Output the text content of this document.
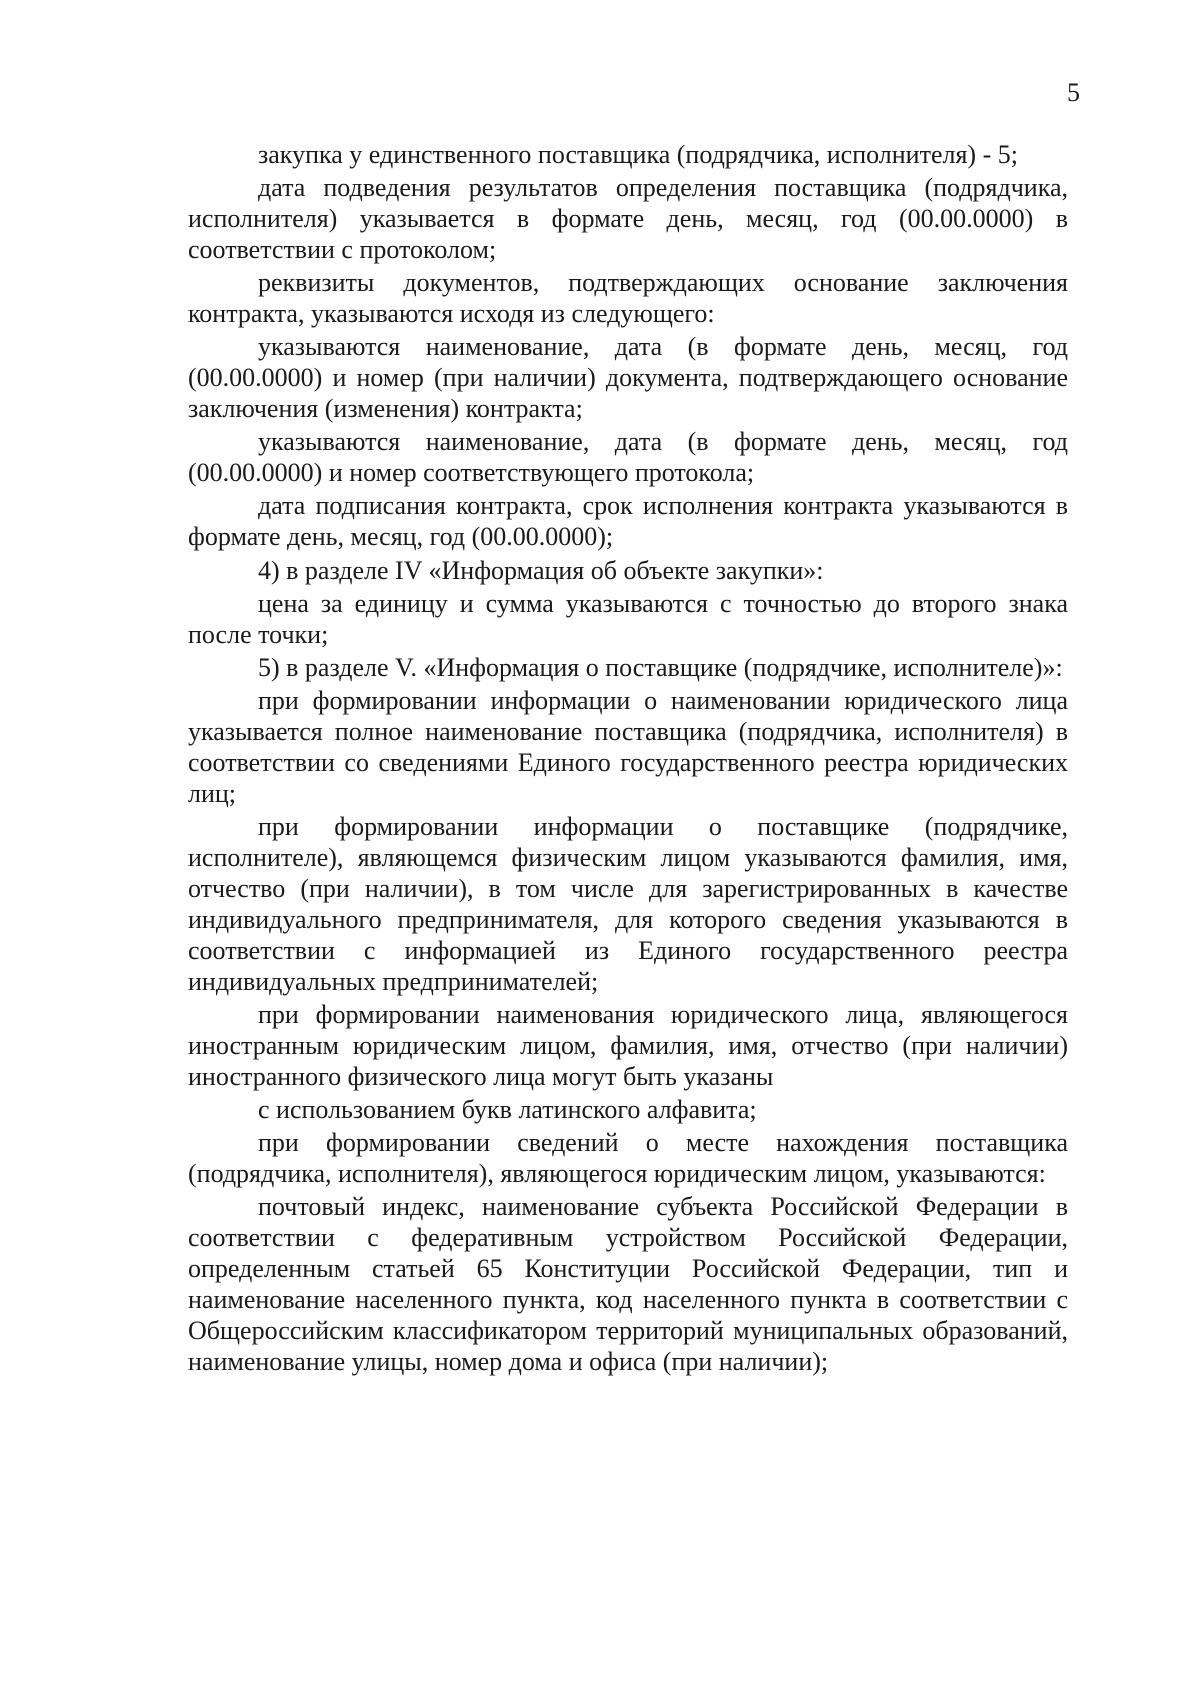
5

закупка у единственного поставщика (подрядчика, исполнителя) - 5;

дата подведения результатов определения поставщика (подрядчика, исполнителя) указывается в формате день, месяц, год (00.00.0000) в соответствии с протоколом;

реквизиты документов, подтверждающих основание заключения контракта, указываются исходя из следующего:

указываются наименование, дата (в формате день, месяц, год (00.00.0000) и номер (при наличии) документа, подтверждающего основание заключения (изменения) контракта;

указываются наименование, дата (в формате день, месяц, год (00.00.0000) и номер соответствующего протокола;

дата подписания контракта, срок исполнения контракта указываются в формате день, месяц, год (00.00.0000);

4) в разделе IV «Информация об объекте закупки»:

цена за единицу и сумма указываются с точностью до второго знака после точки;

5) в разделе V. «Информация о поставщике (подрядчике, исполнителе)»:

при формировании информации о наименовании юридического лица указывается полное наименование поставщика (подрядчика, исполнителя) в соответствии со сведениями Единого государственного реестра юридических лиц;

при формировании информации о поставщике (подрядчике, исполнителе), являющемся физическим лицом указываются фамилия, имя, отчество (при наличии), в том числе для зарегистрированных в качестве индивидуального предпринимателя, для которого сведения указываются в соответствии с информацией из Единого государственного реестра индивидуальных предпринимателей;

при формировании наименования юридического лица, являющегося иностранным юридическим лицом, фамилия, имя, отчество (при наличии) иностранного физического лица могут быть указаны

с использованием букв латинского алфавита;

при формировании сведений о месте нахождения поставщика (подрядчика, исполнителя), являющегося юридическим лицом, указываются:

почтовый индекс, наименование субъекта Российской Федерации в соответствии с федеративным устройством Российской Федерации, определенным статьей 65 Конституции Российской Федерации, тип и наименование населенного пункта, код населенного пункта в соответствии с Общероссийским классификатором территорий муниципальных образований, наименование улицы, номер дома и офиса (при наличии);
